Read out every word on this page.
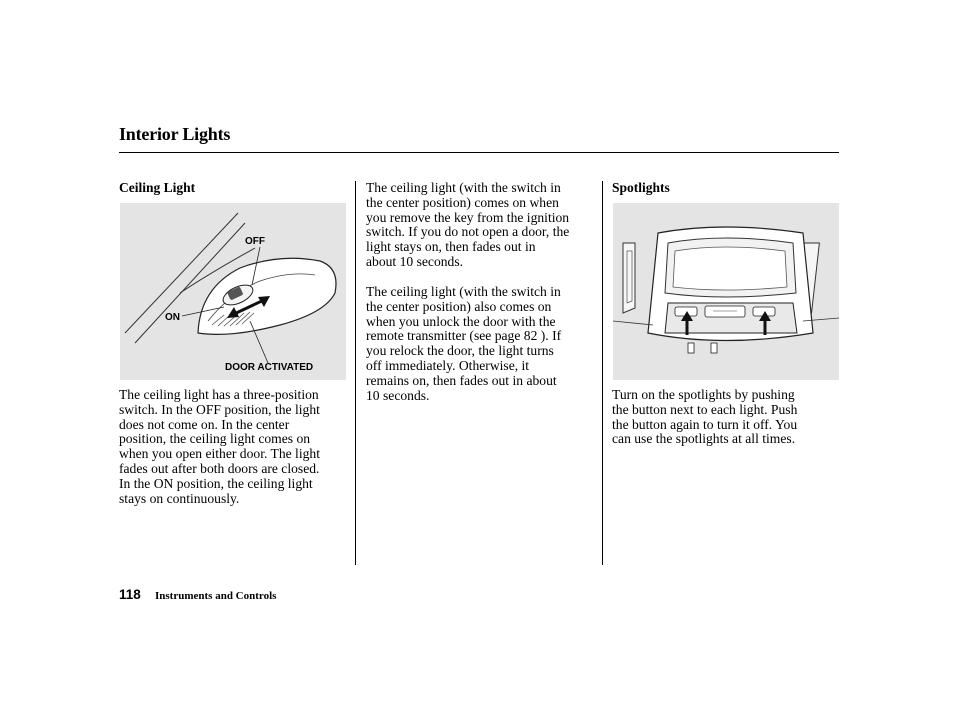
Interior Lights
Ceiling Light
OFF
ON
DOOR ACTIVATED

The ceiling light has a three-position
switch. In the OFF position, the light
does not come on. In the center
position, the ceiling light comes on
when you open either door. The light
fades out after both doors are closed.
In the ON position, the ceiling light
stays on continuously.

The ceiling light (with the switch in
the center position) comes on when
you remove the key from the ignition
switch. If you do not open a door, the
light stays on, then fades out in
about 10 seconds.

The ceiling light (with the switch in
the center position) also comes on
when you unlock the door with the
remote transmitter (see page 82 ). If
you relock the door, the light turns
off immediately. Otherwise, it
remains on, then fades out in about
10 seconds.

Spotlights

Turn on the spotlights by pushing
the button next to each light. Push
the button again to turn it off. You
can use the spotlights at all times.

118 Instruments and Controls
